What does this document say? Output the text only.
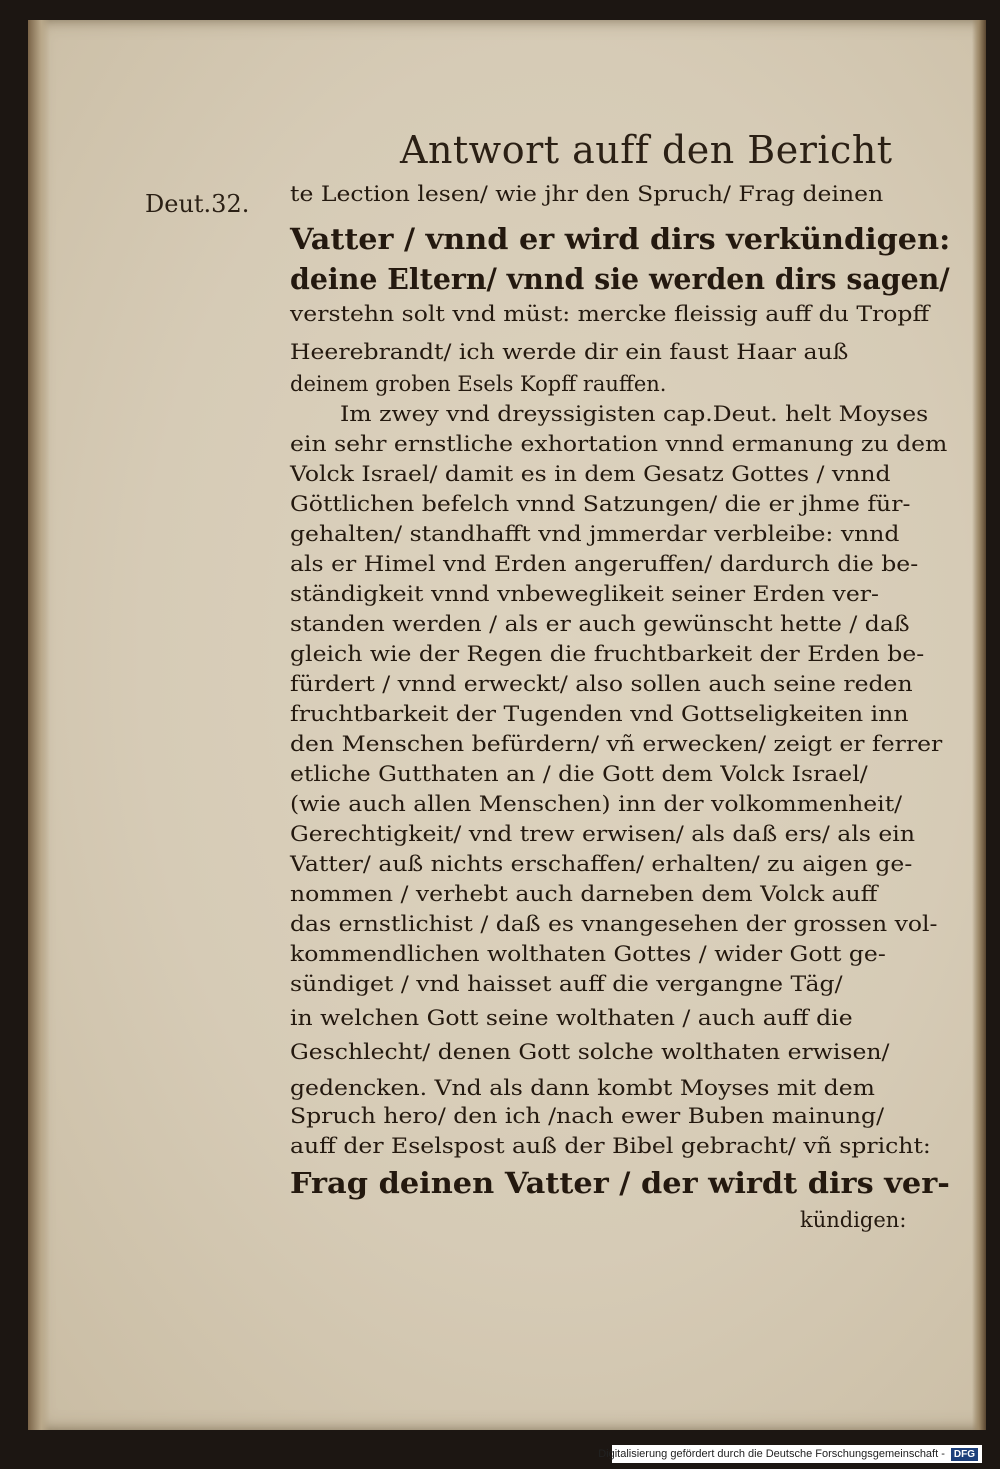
Antwort auff den Bericht
Deut.32. te Lection lesen/ wie jhr den Spruch/ Frag deinen
Vatter / vnnd er wird dirs verkündigen:
deine Eltern/ vnnd sie werden dirs sagen/
verstehn solt vnd müst: mercke fleissig auff du Tropff
Heerebrandt/ ich werde dir ein faust Haar auß
deinem groben Esels Kopff rauffen.
Im zwey vnd dreyssigisten cap.Deut. helt Moyses
ein sehr ernstliche exhortation vnnd ermanung zu dem
Volck Israel/ damit es in dem Gesatz Gottes / vnnd
Göttlichen befelch vnnd Satzungen/ die er jhme für-
gehalten/ standhafft vnd jmmerdar verbleibe: vnnd
als er Himel vnd Erden angeruffen/ dardurch die be-
ständigkeit vnnd vnbeweglikeit seiner Erden ver-
standen werden / als er auch gewünscht hette / daß
gleich wie der Regen die fruchtbarkeit der Erden be-
fürdert / vnnd erweckt/ also sollen auch seine reden
fruchtbarkeit der Tugenden vnd Gottseligkeiten inn
den Menschen befürdern/ vñ erwecken/ zeigt er ferrer
etliche Gutthaten an / die Gott dem Volck Israel/
(wie auch allen Menschen) inn der volkommenheit/
Gerechtigkeit/ vnd trew erwisen/ als daß ers/ als ein
Vatter/ auß nichts erschaffen/ erhalten/ zu aigen ge-
nommen / verhebt auch darneben dem Volck auff
das ernstlichist / daß es vnangesehen der grossen vol-
kommendlichen wolthaten Gottes / wider Gott ge-
sündiget / vnd haisset auff die vergangne Täg/
in welchen Gott seine wolthaten / auch auff die
Geschlecht/ denen Gott solche wolthaten erwisen/
gedencken. Vnd als dann kombt Moyses mit dem
Spruch hero/ den ich /nach ewer Buben mainung/
auff der Eselspost auß der Bibel gebracht/ vñ spricht:
Frag deinen Vatter / der wirdt dirs ver-
kündigen:
Digitalisierung gefördert durch die Deutsche Forschungsgemeinschaft - DFG
